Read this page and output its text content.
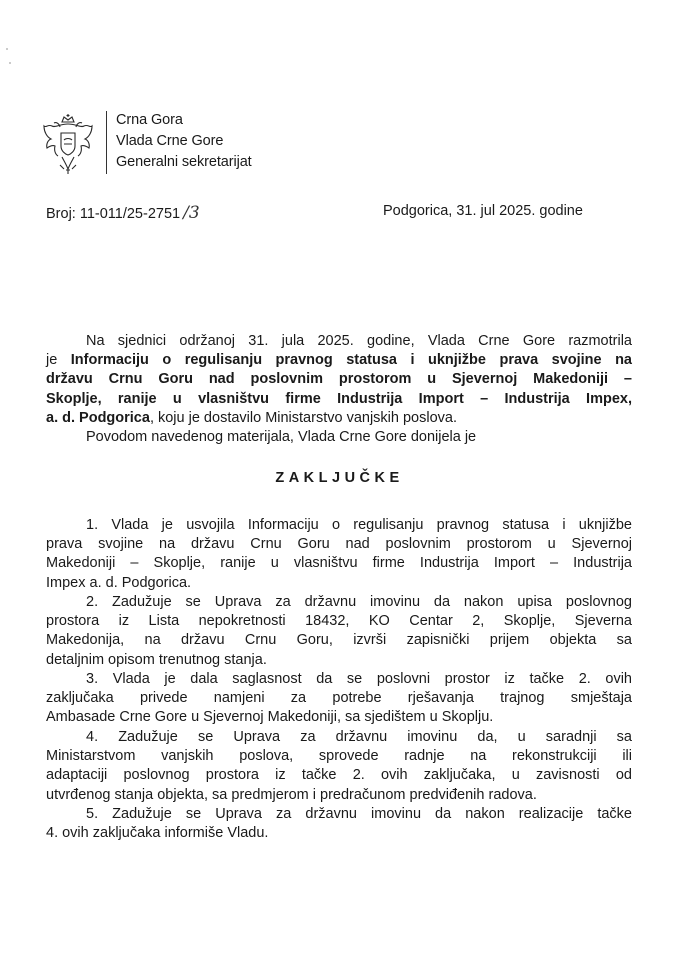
Crna Gora
Vlada Crne Gore
Generalni sekretarijat
Broj: 11-011/25-2751 /3	Podgorica, 31. jul 2025. godine
Na sjednici održanoj 31. jula 2025. godine, Vlada Crne Gore razmotrila
je Informaciju o regulisanju pravnog statusa i uknjižbe prava svojine na
državu Crnu Goru nad poslovnim prostorom u Sjevernoj Makedoniji –
Skoplje, ranije u vlasništvu firme Industrija Import – Industrija Impex,
a. d. Podgorica, koju je dostavilo Ministarstvo vanjskih poslova.
Povodom navedenog materijala, Vlada Crne Gore donijela je
ZAKLJUČKE
1. Vlada je usvojila Informaciju o regulisanju pravnog statusa i uknjižbe
prava svojine na državu Crnu Goru nad poslovnim prostorom u Sjevernoj
Makedoniji – Skoplje, ranije u vlasništvu firme Industrija Import – Industrija
Impex a. d. Podgorica.
2. Zadužuje se Uprava za državnu imovinu da nakon upisa poslovnog
prostora iz Lista nepokretnosti 18432, KO Centar 2, Skoplje, Sjeverna
Makedonija, na državu Crnu Goru, izvrši zapisnički prijem objekta sa
detaljnim opisom trenutnog stanja.
3. Vlada je dala saglasnost da se poslovni prostor iz tačke 2. ovih
zaključaka privede namjeni za potrebe rješavanja trajnog smještaja
Ambasade Crne Gore u Sjevernoj Makedoniji, sa sjedištem u Skoplju.
4. Zadužuje se Uprava za državnu imovinu da, u saradnji sa
Ministarstvom vanjskih poslova, sprovede radnje na rekonstrukciji ili
adaptaciji poslovnog prostora iz tačke 2. ovih zaključaka, u zavisnosti od
utvrđenog stanja objekta, sa predmjerom i predračunom predviđenih radova.
5. Zadužuje se Uprava za državnu imovinu da nakon realizacije tačke
4. ovih zaključaka informiše Vladu.
